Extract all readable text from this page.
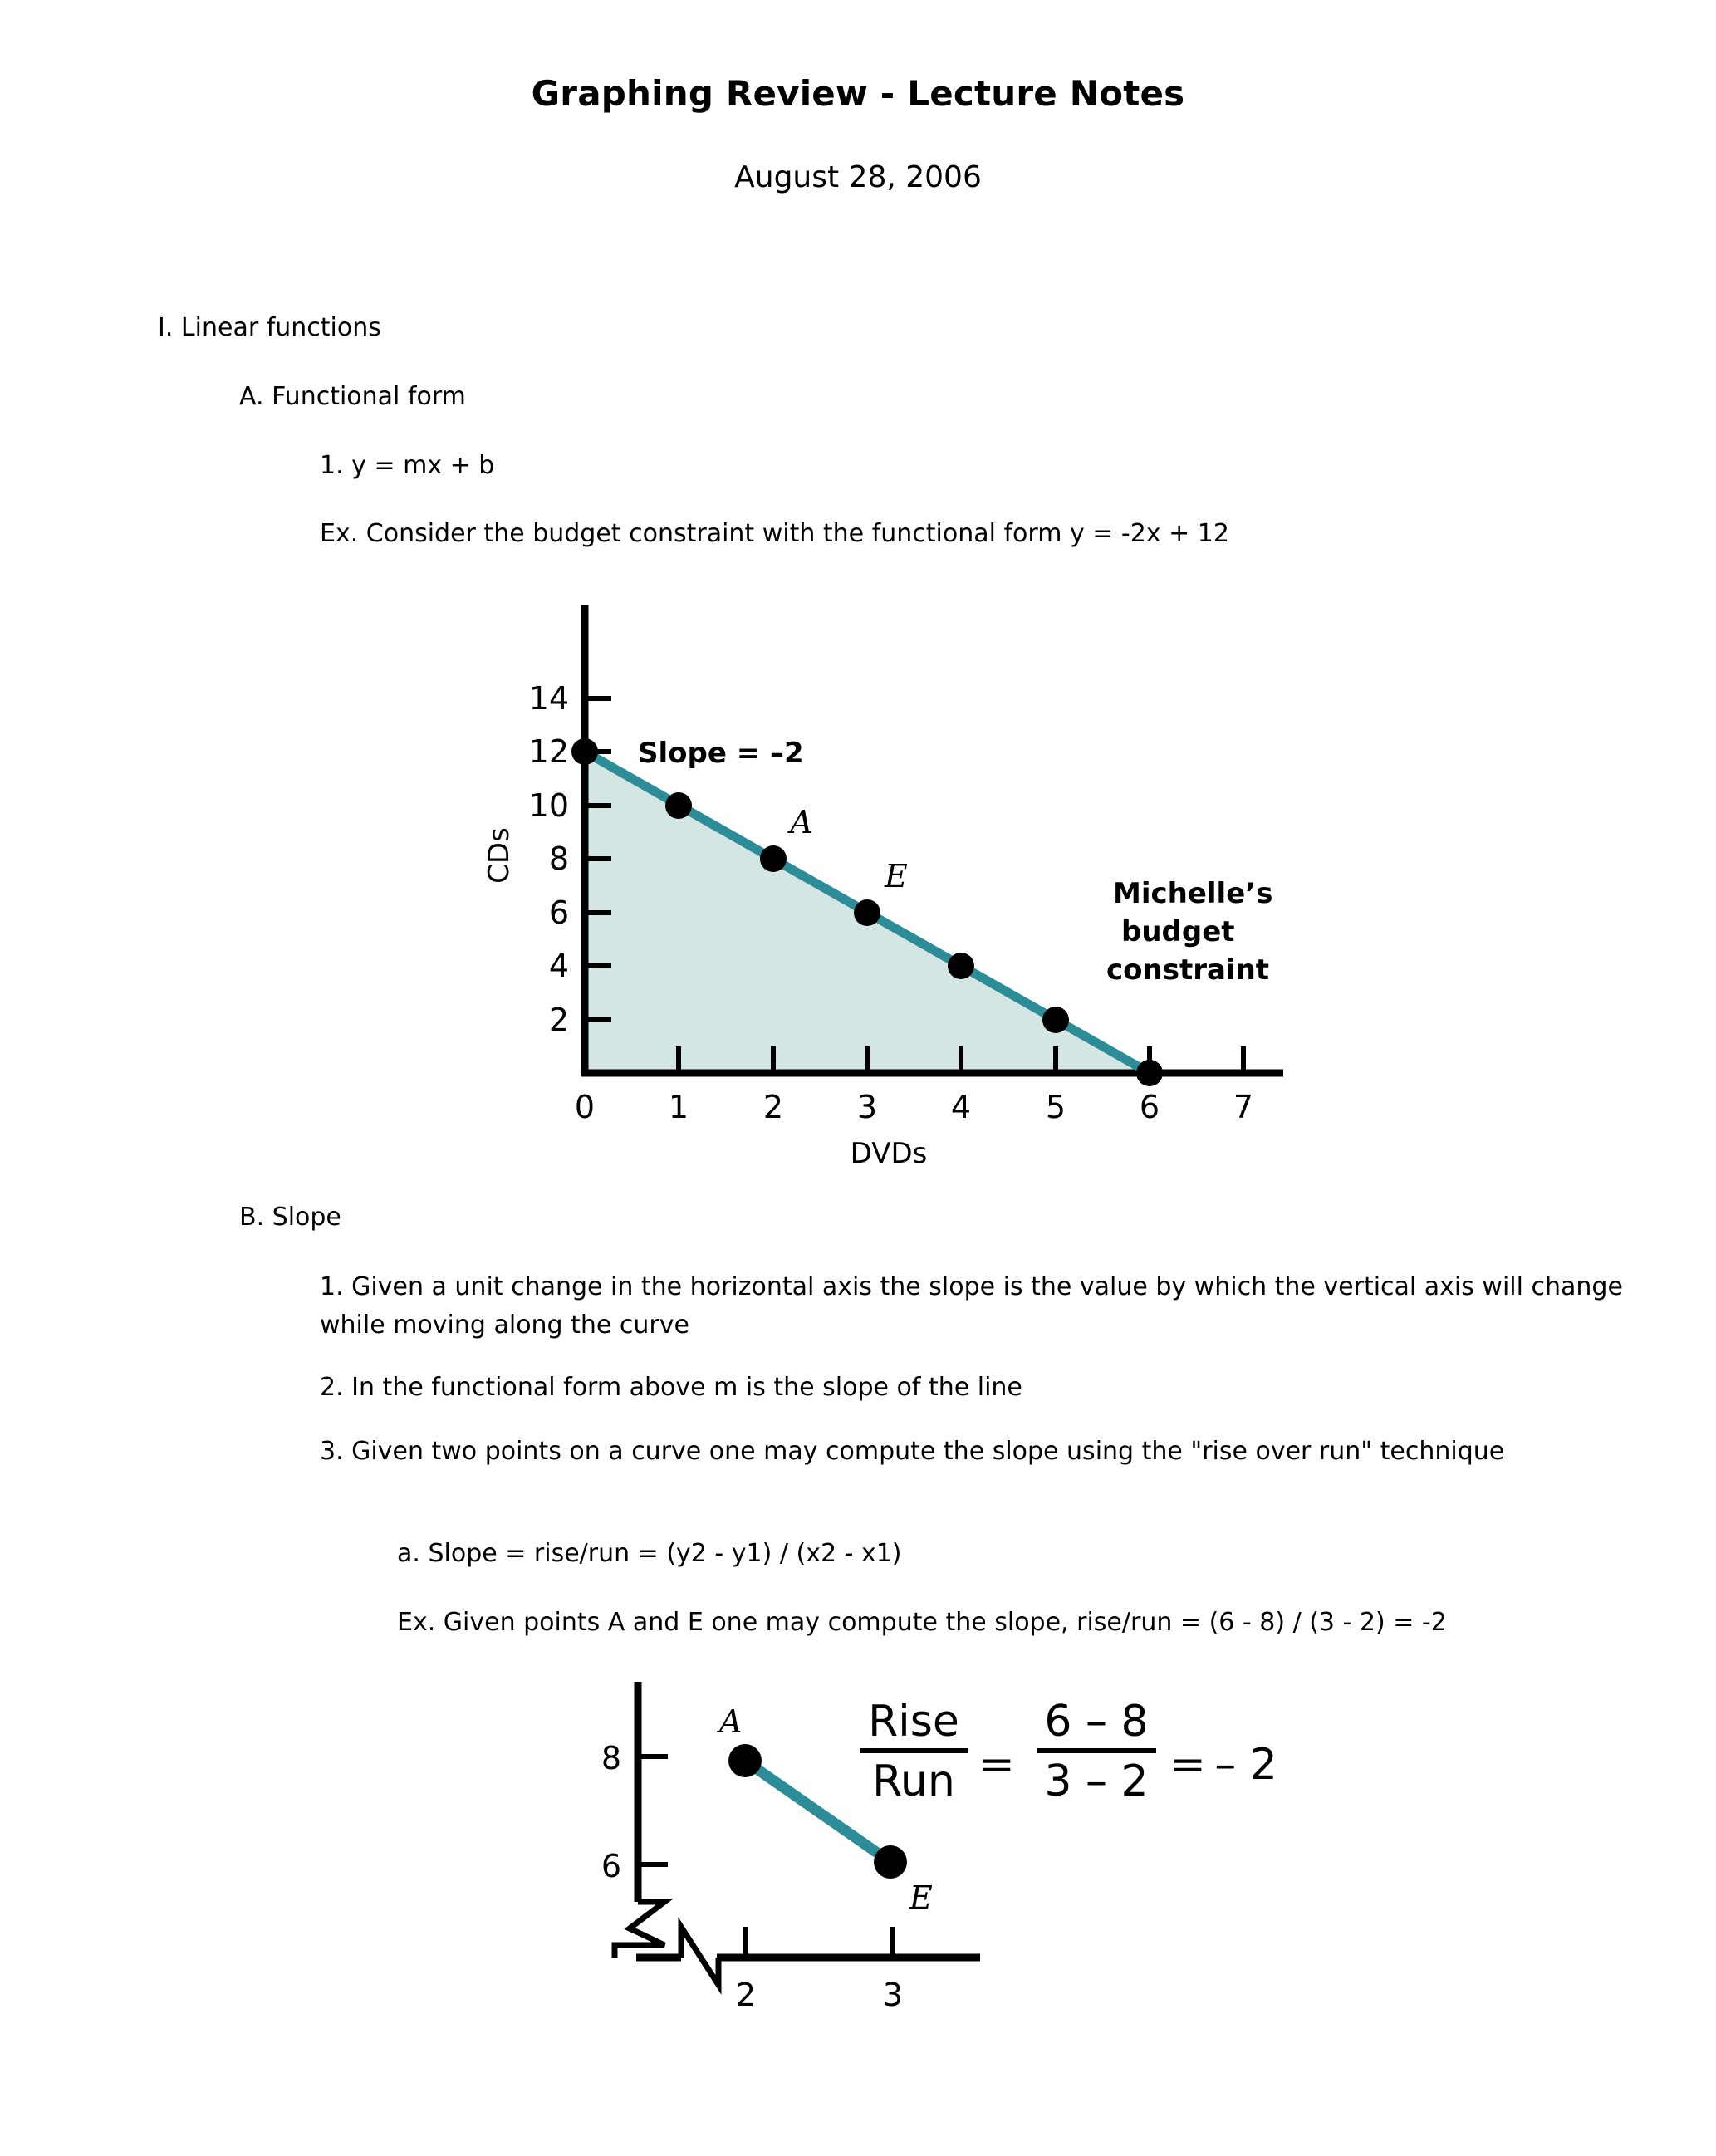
Graphing Review - Lecture Notes
August 28, 2006
I. Linear functions
A. Functional form
1. y = mx + b
Ex. Consider the budget constraint with the functional form y = -2x + 12
14
12
10
8
6
4
2
0 1 2 3 4 5 6 7
CDs
DVDs
A
E
Slope = –2
Michelle’s
budget
constraint
B. Slope
1. Given a unit change in the horizontal axis the slope is the value by which the vertical axis will change while moving along the curve
2. In the functional form above m is the slope of the line
3. Given two points on a curve one may compute the slope using the "rise over run" technique
a. Slope = rise/run = (y2 - y1) / (x2 - x1)
Ex. Given points A and E one may compute the slope, rise/run = (6 - 8) / (3 - 2) = -2
8
6
2	3
A
E
Rise
Run =
6 – 8
3 – 2 = – 2
